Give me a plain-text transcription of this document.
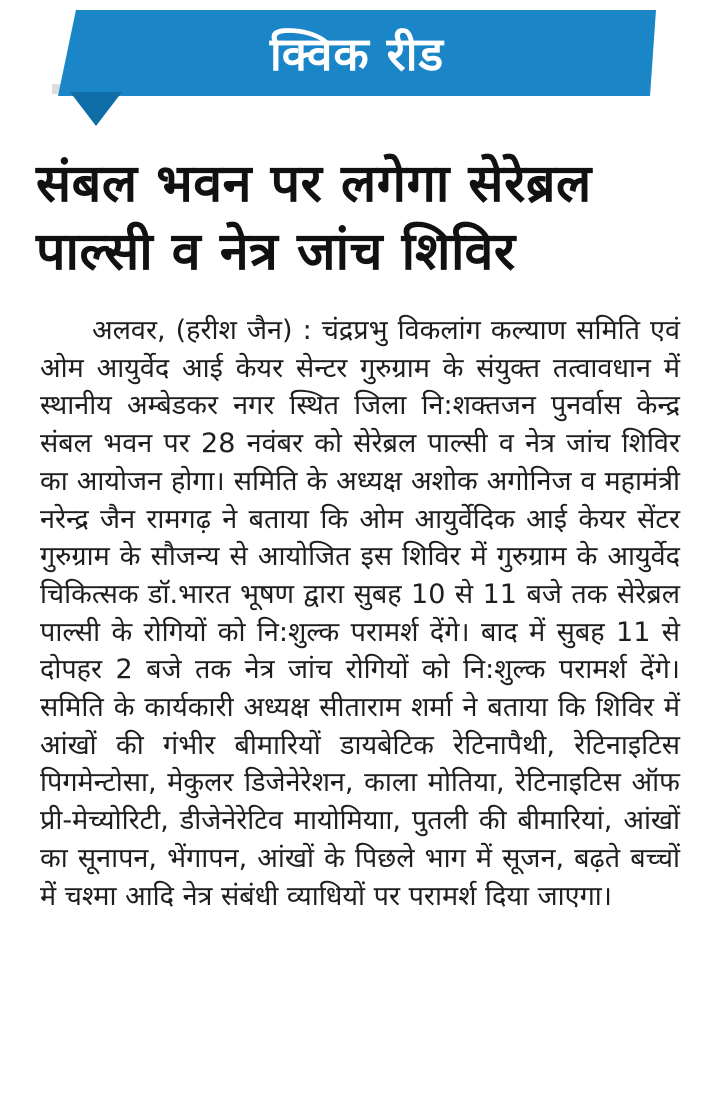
क्विक रीड
संबल भवन पर लगेगा सेरेब्रल
पाल्सी व नेत्र जांच शिविर

अलवर, (हरीश जैन) : चंद्रप्रभु विकलांग कल्याण समिति एवं ओम आयुर्वेद आई केयर सेन्टर गुरुग्राम के संयुक्त तत्वावधान में स्थानीय अम्बेडकर नगर स्थित जिला नि:शक्तजन पुनर्वास केन्द्र संबल भवन पर 28 नवंबर को सेरेब्रल पाल्सी व नेत्र जांच शिविर का आयोजन होगा। समिति के अध्यक्ष अशोक अगोनिज व महामंत्री नरेन्द्र जैन रामगढ़ ने बताया कि ओम आयुर्वेदिक आई केयर सेंटर गुरुग्राम के सौजन्य से आयोजित इस शिविर में गुरुग्राम के आयुर्वेद चिकित्सक डॉ.भारत भूषण द्वारा सुबह 10 से 11 बजे तक सेरेब्रल पाल्सी के रोगियों को नि:शुल्क परामर्श देंगे। बाद में सुबह 11 से दोपहर 2 बजे तक नेत्र जांच रोगियों को नि:शुल्क परामर्श देंगे। समिति के कार्यकारी अध्यक्ष सीताराम शर्मा ने बताया कि शिविर में आंखों की गंभीर बीमारियों डायबेटिक रेटिनापैथी, रेटिनाइटिस पिगमेन्टोसा, मेकुलर डिजेनेरेशन, काला मोतिया, रेटिनाइटिस ऑफ प्री-मेच्योरिटी, डीजेनेरेटिव मायोमियाा, पुतली की बीमारियां, आंखों का सूनापन, भेंगापन, आंखों के पिछले भाग में सूजन, बढ़ते बच्चों में चश्मा आदि नेत्र संबंधी व्याधियों पर परामर्श दिया जाएगा।
